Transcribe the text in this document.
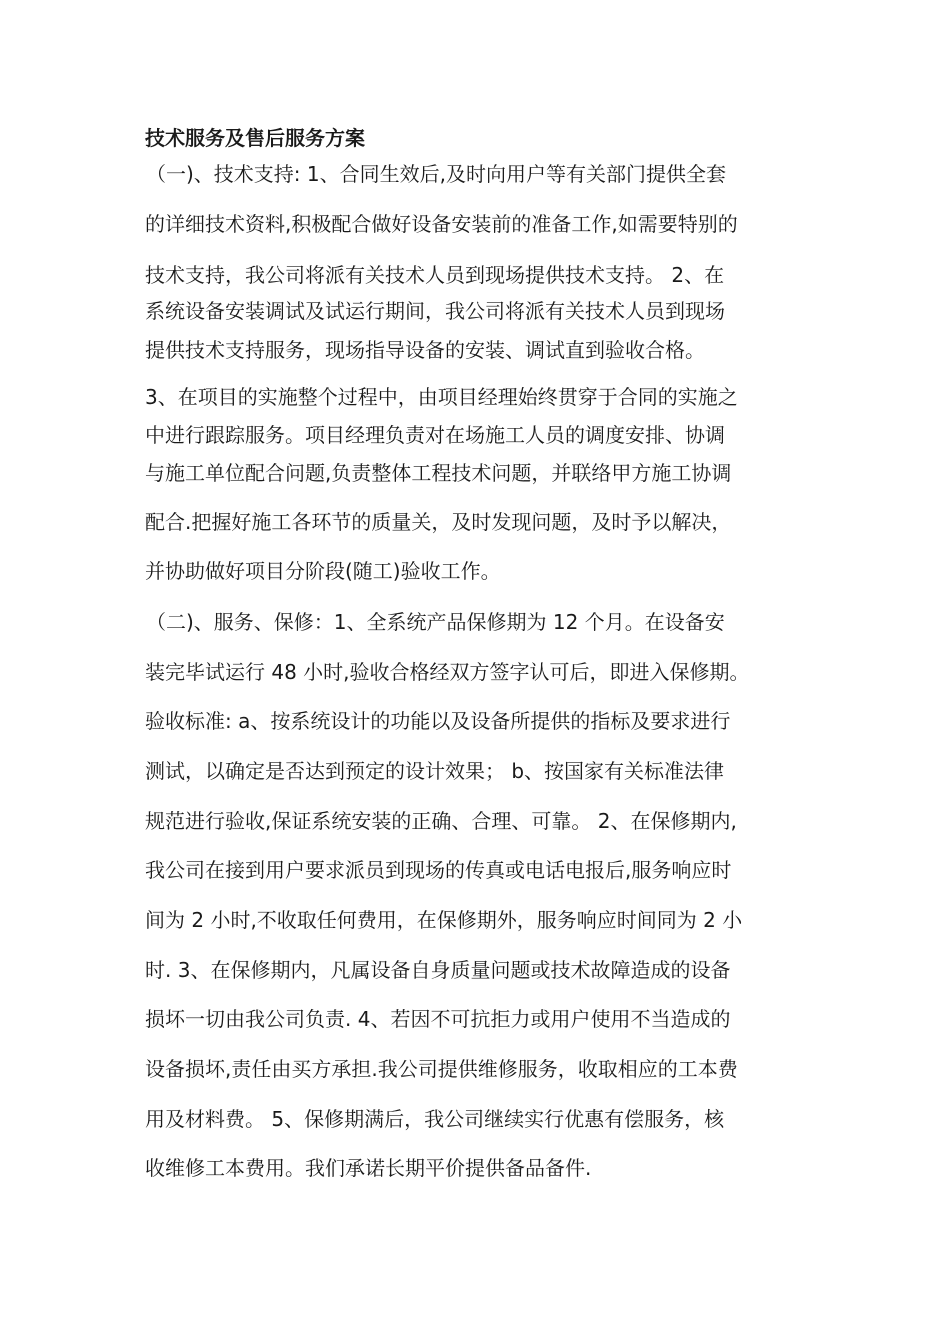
技术服务及售后服务方案
（一)、技术支持: 1、合同生效后,及时向用户等有关部门提供全套
的详细技术资料,积极配合做好设备安装前的准备工作,如需要特别的
技术支持，我公司将派有关技术人员到现场提供技术支持。 2、在
系统设备安装调试及试运行期间，我公司将派有关技术人员到现场
提供技术支持服务，现场指导设备的安装、调试直到验收合格。
3、在项目的实施整个过程中，由项目经理始终贯穿于合同的实施之
中进行跟踪服务。项目经理负责对在场施工人员的调度安排、协调
与施工单位配合问题,负责整体工程技术问题，并联络甲方施工协调
配合.把握好施工各环节的质量关，及时发现问题，及时予以解决，
并协助做好项目分阶段(随工)验收工作。
（二)、服务、保修：1、全系统产品保修期为 12 个月。在设备安
装完毕试运行 48 小时,验收合格经双方签字认可后，即进入保修期。
验收标准: a、按系统设计的功能以及设备所提供的指标及要求进行
测试，以确定是否达到预定的设计效果； b、按国家有关标准法律
规范进行验收,保证系统安装的正确、合理、可靠。 2、在保修期内,
我公司在接到用户要求派员到现场的传真或电话电报后,服务响应时
间为 2 小时,不收取任何费用，在保修期外，服务响应时间同为 2 小
时. 3、在保修期内，凡属设备自身质量问题或技术故障造成的设备
损坏一切由我公司负责. 4、若因不可抗拒力或用户使用不当造成的
设备损坏,责任由买方承担.我公司提供维修服务，收取相应的工本费
用及材料费。 5、保修期满后，我公司继续实行优惠有偿服务，核
收维修工本费用。我们承诺长期平价提供备品备件.
